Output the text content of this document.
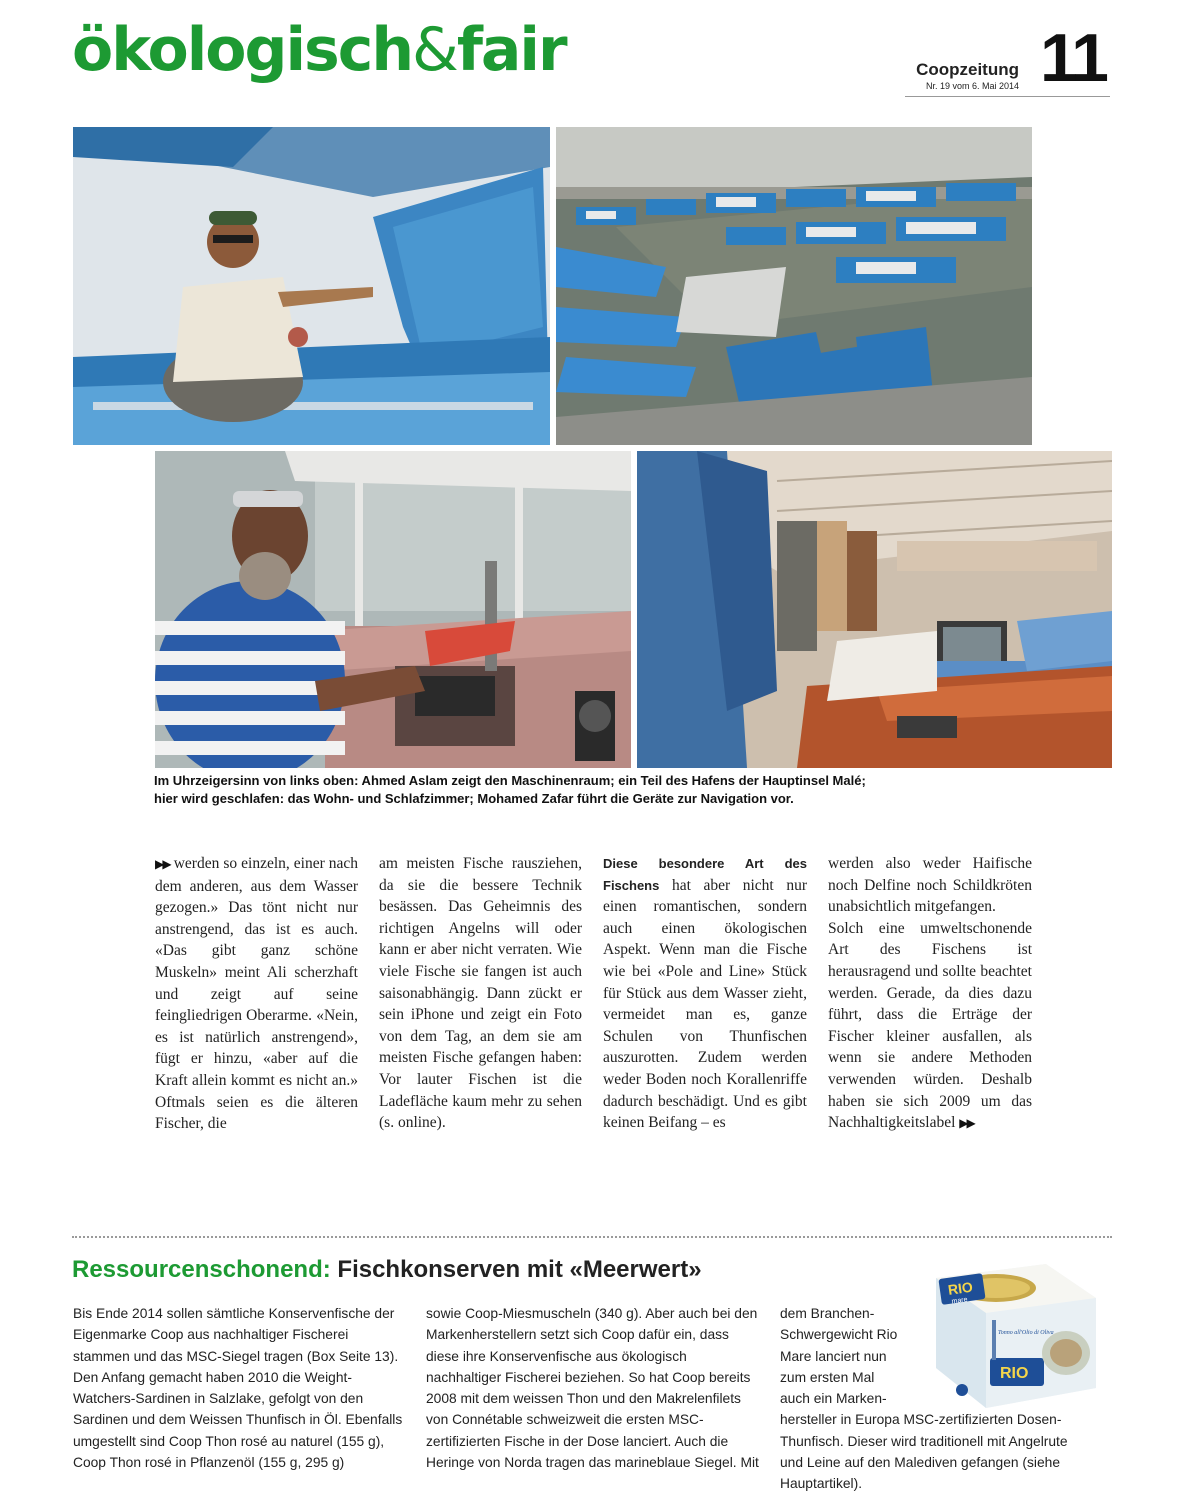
ökologisch&fair	Coopzeitung
Nr. 19 vom 6. Mai 2014 11
Im Uhrzeigersinn von links oben: Ahmed Aslam zeigt den Maschinenraum; ein Teil des Hafens der Hauptinsel Malé;
hier wird geschlafen: das Wohn- und Schlafzimmer; Mohamed Zafar führt die Geräte zur Navigation vor.

▶▶ werden so einzeln, einer nach dem anderen, aus dem Wasser gezogen.» Das tönt nicht nur anstrengend, das ist es auch. «Das gibt ganz schöne Muskeln» meint Ali scherzhaft und zeigt auf seine feingliedrigen Oberarme. «Nein, es ist natürlich anstrengend», fügt er hinzu, «aber auf die Kraft allein kommt es nicht an.» Oftmals seien es die älteren Fischer, die

am meisten Fische rausziehen, da sie die bessere Technik besässen. Das Geheimnis des richtigen Angelns will oder kann er aber nicht verraten. Wie viele Fische sie fangen ist auch saisonabhängig. Dann zückt er sein iPhone und zeigt ein Foto von dem Tag, an dem sie am meisten Fische gefangen haben: Vor lauter Fischen ist die Ladefläche kaum mehr zu sehen (s. online).

Diese besondere Art des Fischens hat aber nicht nur einen romantischen, sondern auch einen ökologischen Aspekt. Wenn man die Fische wie bei «Pole and Line» Stück für Stück aus dem Wasser zieht, vermeidet man es, ganze Schulen von Thunfischen auszurotten. Zudem werden weder Boden noch Korallenriffe dadurch beschädigt. Und es gibt keinen Beifang – es

werden also weder Haifische noch Delfine noch Schildkröten unabsichtlich mitgefangen.

Solch eine umweltschonende Art des Fischens ist herausragend und sollte beachtet werden. Gerade, da dies dazu führt, dass die Erträge der Fischer kleiner ausfallen, als wenn sie andere Methoden verwenden würden. Deshalb haben sie sich 2009 um das Nachhaltigkeitslabel ▶▶

Ressourcenschonend: Fischkonserven mit «Meerwert»

Bis Ende 2014 sollen sämtliche Konservenfische der Eigenmarke Coop aus nachhaltiger Fischerei stammen und das MSC-Siegel tragen (Box Seite 13). Den Anfang gemacht haben 2010 die Weight-Watchers-Sardinen in Salzlake, gefolgt von den Sardinen und dem Weissen Thunfisch in Öl. Ebenfalls umgestellt sind Coop Thon rosé au naturel (155 g), Coop Thon rosé in Pflanzenöl (155 g, 295 g)

sowie Coop-Miesmuscheln (340 g). Aber auch bei den Markenherstellern setzt sich Coop dafür ein, dass diese ihre Konservenfische aus ökologisch nachhaltiger Fischerei beziehen. So hat Coop bereits 2008 mit dem weissen Thon und den Makrelenfilets von Connétable schweizweit die ersten MSC-zertifizierten Fische in der Dose lanciert. Auch die Heringe von Norda tragen das marineblaue Siegel. Mit

dem Branchen-
Schwergewicht Rio
Mare lanciert nun
zum ersten Mal
auch ein Marken-
hersteller in Europa MSC-zertifizierten Dosen-Thunfisch. Dieser wird traditionell mit Angelrute und Leine auf den Malediven gefangen (siehe Hauptartikel).
RIO
mare
Tonno all'Olio di Oliva
RIO
